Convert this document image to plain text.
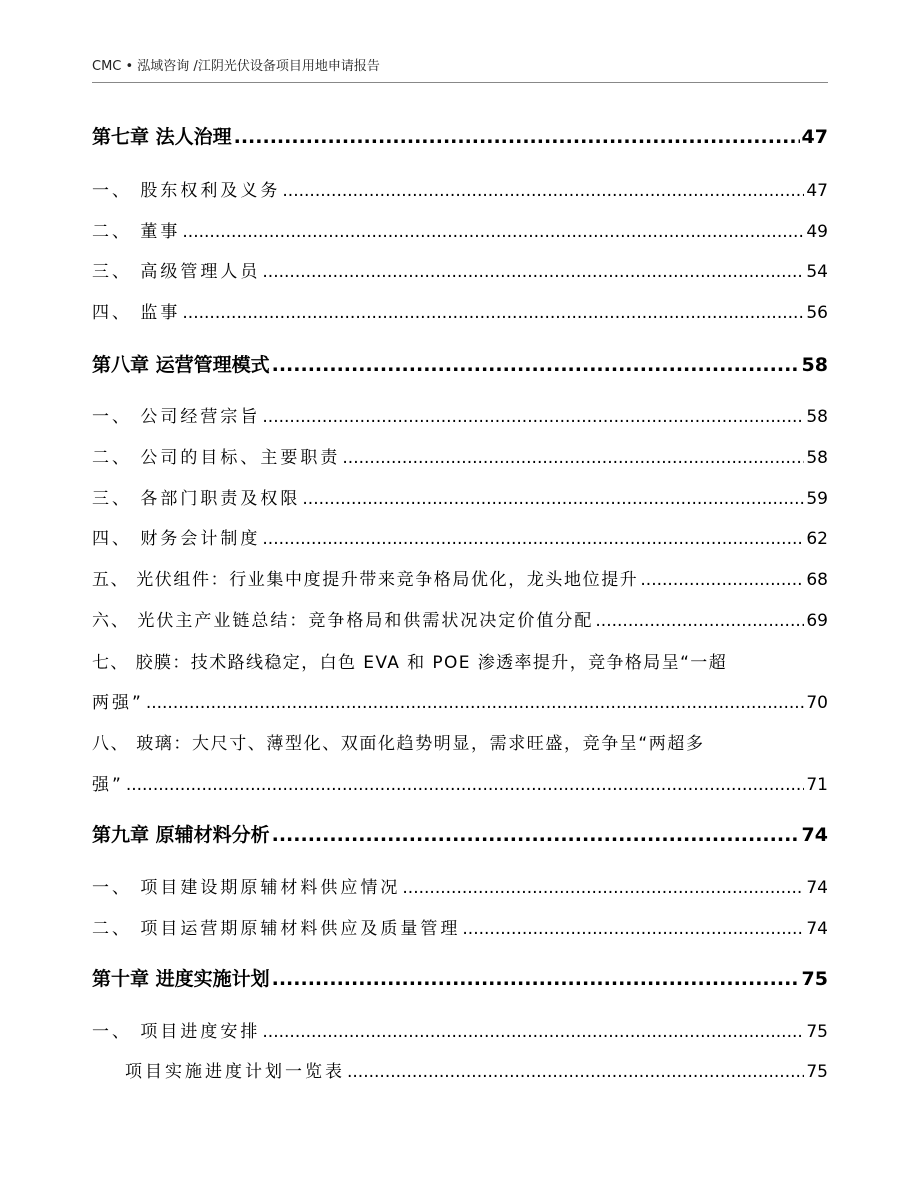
CMC • 泓域咨询 /江阴光伏设备项目用地申请报告
第七章 法人治理 .....	47
一、 股东权利及义务 .....	47
二、 董事 .....	49
三、 高级管理人员 .....	54
四、 监事 .....	56
第八章 运营管理模式 .....	58
一、 公司经营宗旨 .....	58
二、 公司的目标、主要职责 .....	58
三、 各部门职责及权限 .....	59
四、 财务会计制度 .....	62
五、 光伏组件：行业集中度提升带来竞争格局优化，龙头地位提升 .....	68
六、 光伏主产业链总结：竞争格局和供需状况决定价值分配 .....	69
七、 胶膜：技术路线稳定，白色 EVA 和 POE 渗透率提升，竞争格局呈“一超
两强” .....	70
八、 玻璃：大尺寸、薄型化、双面化趋势明显，需求旺盛，竞争呈“两超多
强” .....	71
第九章 原辅材料分析 .....	74
一、 项目建设期原辅材料供应情况 .....	74
二、 项目运营期原辅材料供应及质量管理 .....	74
第十章 进度实施计划 .....	75
一、 项目进度安排 .....	75
项目实施进度计划一览表 .....	75
